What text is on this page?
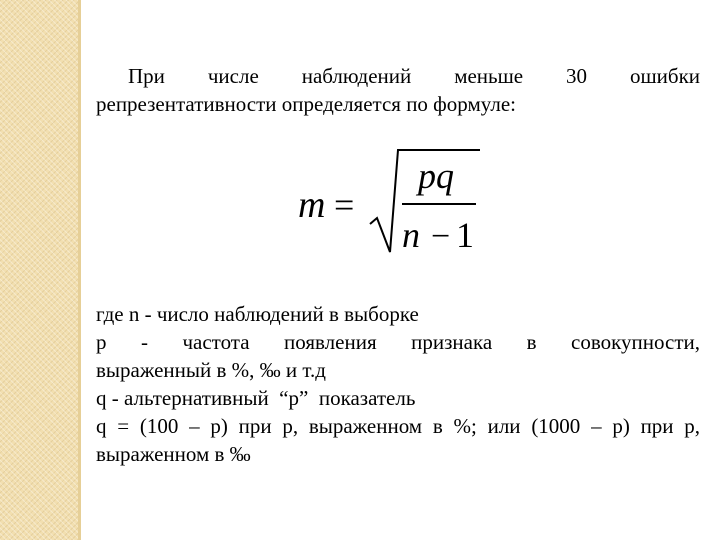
При числе наблюдений меньше 30 ошибки
репрезентативности определяется по формуле:
m =
pq
n − 1
где n - число наблюдений в выборке
p - частота появления признака в совокупности,
выраженный в %, ‰ и т.д
q - альтернативный  “p”  показатель
q = (100 – p) при p, выраженном в %; или (1000 – p) при p,
выраженном в ‰
